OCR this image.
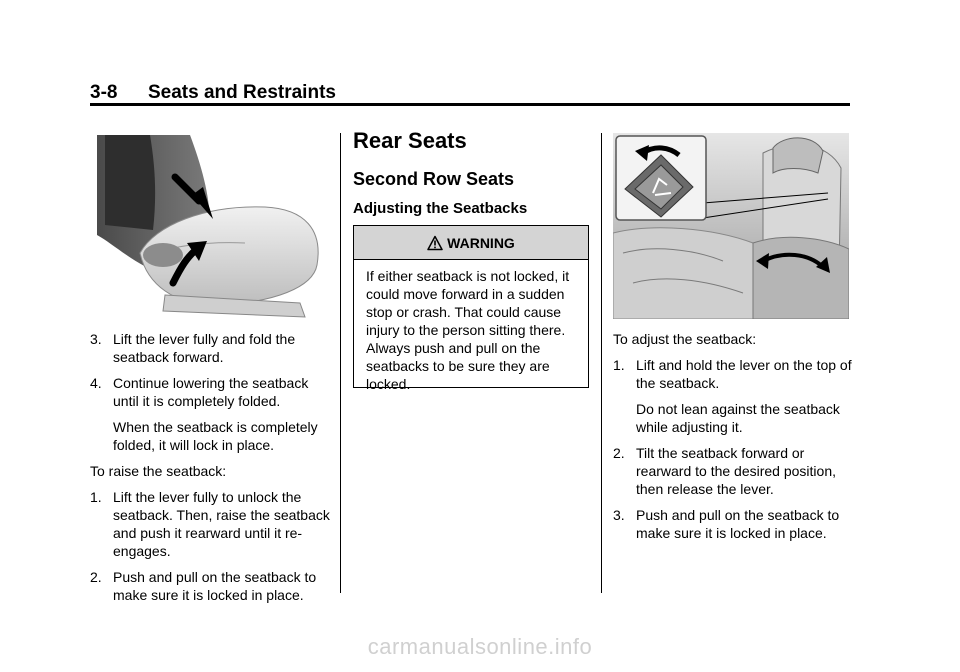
3-8 Seats and Restraints
3. Lift the lever fully and fold the seatback forward.
4. Continue lowering the seatback until it is completely folded.
When the seatback is completely folded, it will lock in place.

To raise the seatback:

1. Lift the lever fully to unlock the seatback. Then, raise the seatback and push it rearward until it re-engages.
2. Push and pull on the seatback to make sure it is locked in place.
Rear Seats
Second Row Seats
Adjusting the Seatbacks
WARNING
If either seatback is not locked, it could move forward in a sudden stop or crash. That could cause injury to the person sitting there. Always push and pull on the seatbacks to be sure they are locked.

To adjust the seatback:

1. Lift and hold the lever on the top of the seatback.
Do not lean against the seatback while adjusting it.
2. Tilt the seatback forward or rearward to the desired position, then release the lever.
3. Push and pull on the seatback to make sure it is locked in place.
carmanualsonline.info
